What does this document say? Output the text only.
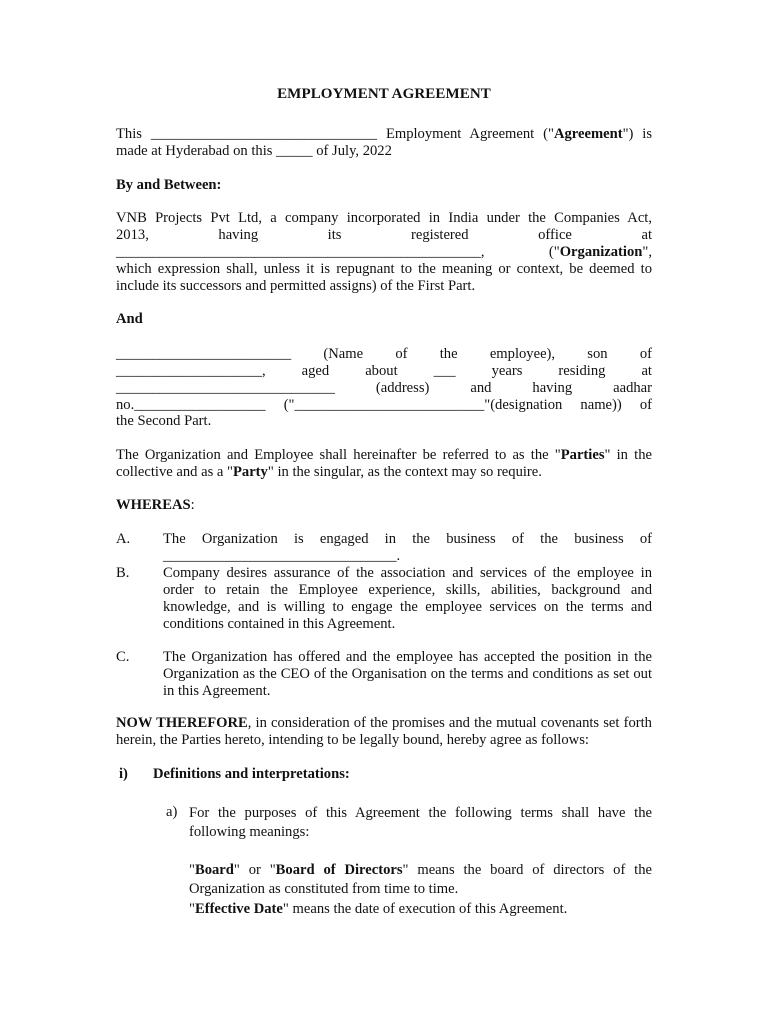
EMPLOYMENT AGREEMENT
This _______________________________ Employment Agreement ("Agreement") is
made at Hyderabad on this _____ of July, 2022
By and Between:
VNB Projects Pvt Ltd, a company incorporated in India under the Companies Act,
2013, having its registered office at
__________________________________________________,	("Organization",
which expression shall, unless it is repugnant to the meaning or context, be deemed to include its successors and permitted assigns) of the First Part.
And
________________________ (Name of the employee), son of
____________________, aged about ___ years residing at
______________________________	(address) and having aadhar
no.__________________ ("__________________________"(designation name)) of
the Second Part.
The Organization and Employee shall hereinafter be referred to as the "Parties" in the collective and as a "Party" in the singular, as the context may so require.
WHEREAS:
A. The Organization is engaged in the business of the business of ________________________________.
B. Company desires assurance of the association and services of the employee in order to retain the Employee experience, skills, abilities, background and knowledge, and is willing to engage the employee services on the terms and conditions contained in this Agreement.
C. The Organization has offered and the employee has accepted the position in the Organization as the CEO of the Organisation on the terms and conditions as set out in this Agreement.
NOW THEREFORE, in consideration of the promises and the mutual covenants set forth herein, the Parties hereto, intending to be legally bound, hereby agree as follows:
i) Definitions and interpretations:
a) For the purposes of this Agreement the following terms shall have the following meanings:
"Board" or "Board of Directors" means the board of directors of the Organization as constituted from time to time.
"Effective Date" means the date of execution of this Agreement.
